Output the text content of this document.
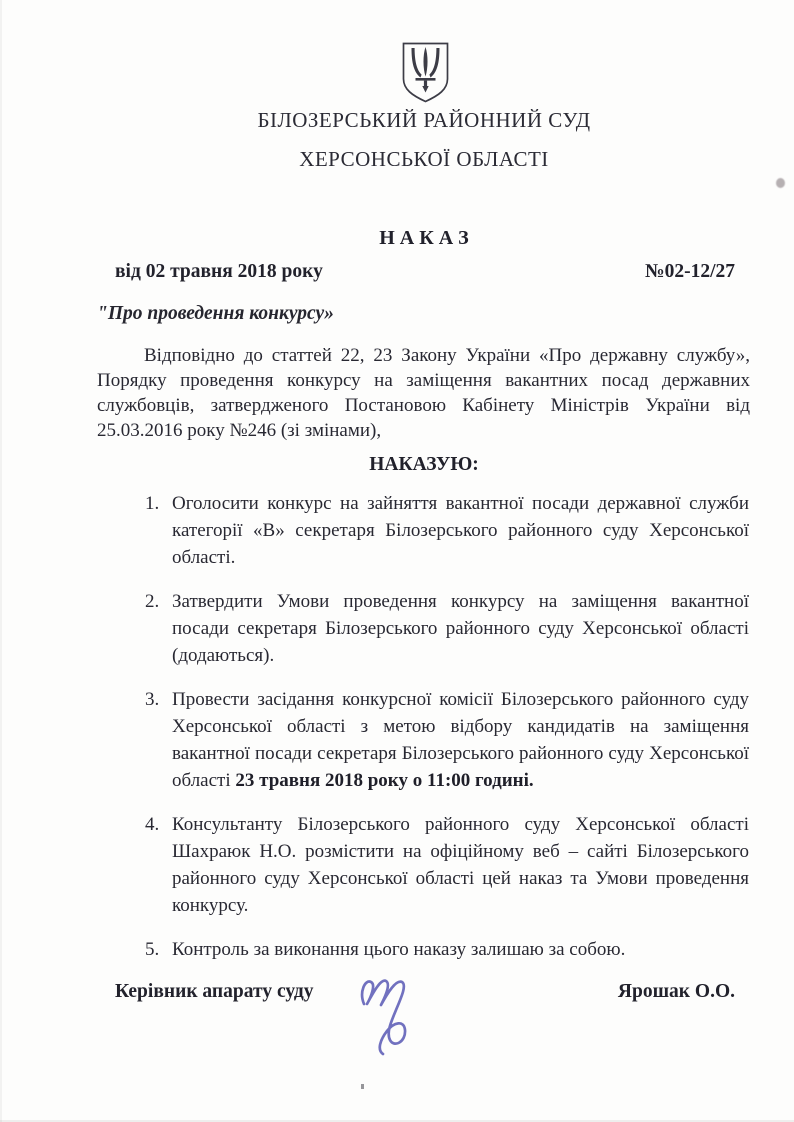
БІЛОЗЕРСЬКИЙ РАЙОННИЙ СУД
ХЕРСОНСЬКОЇ ОБЛАСТІ
Н А К А З
від 02 травня 2018 року	№02-12/27
"Про проведення конкурсу»
Відповідно до статтей 22, 23 Закону України «Про державну службу», Порядку проведення конкурсу на заміщення вакантних посад державних службовців, затвердженого Постановою Кабінету Міністрів України від 25.03.2016 року №246 (зі змінами),
НАКАЗУЮ:
1. Оголосити конкурс на зайняття вакантної посади державної служби категорії «В» секретаря Білозерського районного суду Херсонської області.
2. Затвердити Умови проведення конкурсу на заміщення вакантної посади секретаря Білозерського районного суду Херсонської області (додаються).
3. Провести засідання конкурсної комісії Білозерського районного суду Херсонської області з метою відбору кандидатів на заміщення вакантної посади секретаря Білозерського районного суду Херсонської області 23 травня 2018 року о 11:00 годині.
4. Консультанту Білозерського районного суду Херсонської області Шахраюк Н.О. розмістити на офіційному веб – сайті Білозерського районного суду Херсонської області цей наказ та Умови проведення конкурсу.
5. Контроль за виконання цього наказу залишаю за собою.
Керівник апарату суду	Ярошак О.О.
